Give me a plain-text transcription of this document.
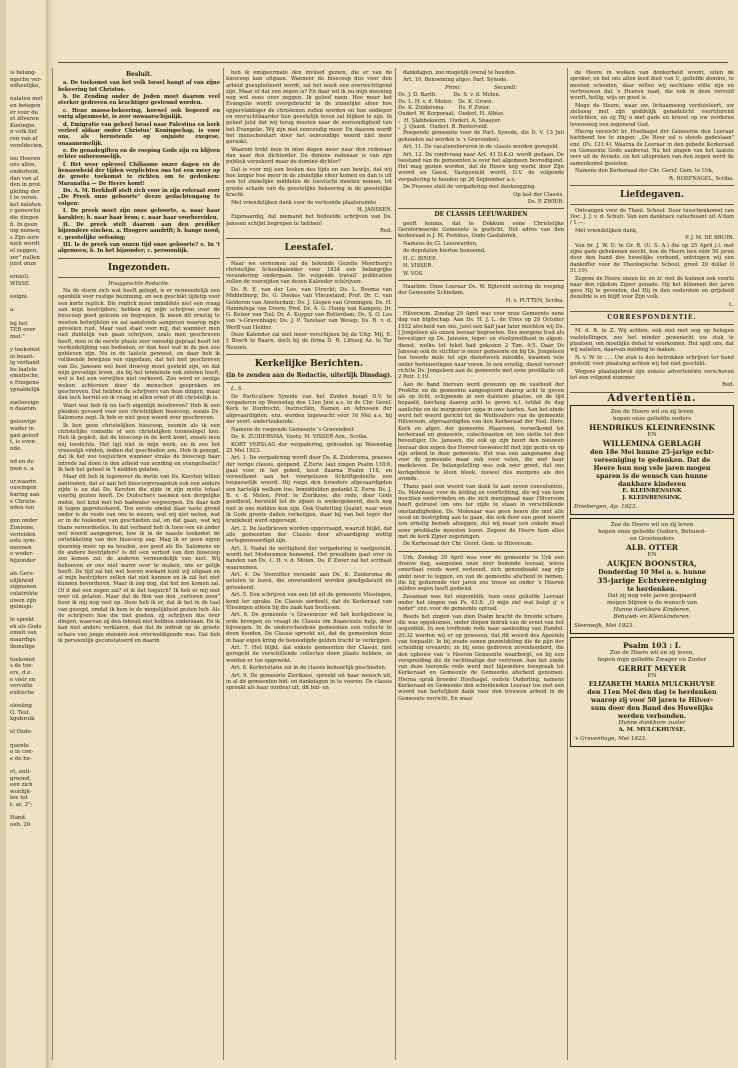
is belang-
ngsche ver-
ndheelijke,
nalaten met
en betegen
ër voor de
et zilveren
Koningin.
n volk lief
ren van af
vereldecien,
ieo Heeren
ons allen,
enderheid,
dan van al
den in prot.
gleling der
t te voren.
ket nalaten
r geneerloi
die dingen
ñ. In geen
ing nemen;
s Zijn oore
nieh wordt
el zeggen,
zer" nullen
juist onze
erniol).
WISSE.
eelgni.
a.
bij het
TER over
mat."
y toekomst
in beant-
lg verhand
he laatste
ematische,
e Enogeno
ypnaldelijk
zaeloovige
n daarom
geloovige
wader in
gad geloof
t, is even-
nde.
nd en de
jnen o. a.
ur,waarin
ouwingen
baring aan
e Christe-
nden ten
gen onder
Zonisme,
verleiden
este aym-
meenen
o weder-
bijzonder
als Gere-
elijkheid
zigmanen
colatrekte
uwen zijn
geimspi-
le sprekt
ek als Gods
emeit van
maardige
ikonstige
toekomst
s de toe-
ers, d.e.
e vóór en
vervatte
exitische
olooiing
O. Test.
kgebruik
el Ozde-
quente
o in con-
e de be-
et, anti-
groond,
een zich
wonlijk-
tee tot
t: ar, 3";
Hand.
oeb. 20.
Besluit.

a. De toekomst van het volk Israel hangt af van zijne bekeering tot Christus.

b. De Zending onder de Joden moet daarom veel sterker gedreven en krachtiger gesteund worden.

c. Hene massa-bekeering, hoewel ook begeerd en vurig afgesmeekt, is zeer onwaarschijnlijk.

d. Emigratie van geheel Israel naar Palestina en kerk verleef aldaar onder Christus' Koningschap, is voor ons, als berustende op onjuiste exegese, onaannemelijk.

e. De genadegiften en de roeping Gods zijn en blijven echter onberouwelijk.

f. Het weer opleveel Chiliasme onzer dagen en de benauwheid der tijden verplichten ons tot een meer op de groote toekomst te richten om te gedenken: Maranatha — De Heere komt!

Ds. A. M. Berkhoff stelt zich voor in zijn referaat over „De Preek onze geboorte" deeze gedachtengang te volgen:

I. De preek moet zijn onze geboorte, a. naar haar karakter; b. naar haar bron; c. naar haar voorbereiden.

II. De preek stelt daarom aan den prediker bijzondere eischen. a. Hoogere aandrift; b. bange nood; c. geestelijke oefening;

III. Is de preek van onzen tijd onze geboorte? e. In 't algemeen; b. In het bijzonder; c. persoonlijk.

Ingezonden.

Hooggeachte Redactie.

Na de storm zich wat heeft gelegd, is er vermoedelijk een ogenblik voor rustige bezinning, en een geschikt tijdstip voor een korte replick. Die replick moet inmiddels niet een vraag aan mijn bestrijders; hebben zij mijn schrijven over de bioscoop goed gelezen en begrepen. Ik meen dit ernstig te moeten betwijfelen en zal aanstonds aangeven waarop mijn gevoelen rust. Maar vast staat voor mij, dat wanneer men niet duidelijk van gaan schrijven, zoals men geschreven heeft, men in de eerste plaats zeer onnodig gepraat heeft tot verduidelijking van bedoelen, er dan heel wat in de pen zou gebleven zijn. Nu in de laatste geweest, en daar heb ik voldoende bewijzen van opgedaan, dat het met geschreven van Ds. Janssen wel heel droevig moet gesteld zijn, en dat mijn gevoelige leven, zie bij het tenminste ook zeloten heeft, wel is het een verwijten niet verkeerd. Zoo werd er eenige weken achtereen door de menschen gesproken en geschreven. Dat hebben de schrijvers van deze dingen, maar dan toch herrièl en ik vraag in allen ernst of dit christelijk is.

Want wat heb ik nu toch eigenlijk misdreven? Heb ik een pleidooi gevoerd voor een christelijken bioscoop, zooals Ds. Salomons zegt. Ik heb er niet geen woord over geschreven.

Ik ken geen christelijken bioscoop, zoomin als ik een christelijke comedie of een christelijken tooneelspel ken. Heb ik gepleit, dat de bioscoop in de kerk komt, zooals men mij toedichte. Het ligt niet in mijn werk, en ik zou het vreeselijk vinden, indien dat geschieden zou. Heb ik gezegd, dat ik het zoo toejuichen wanneer straks de bioscoop haar intrede zal doen in den arbeid van zending en evangelisatie? Ik heb het geheel in 't midden gelaten.

Maar dit heb ik tegenover de motie van Ds. Kersten willen aantoonen, dat er aan het bioscoopvraagstuk ook een andere zijde is en dat Ds. Kersten die zijde in zijn motie totaal voorbij gezien heeft. De Duitschers noemen een dergelijke motie, het kind met het badwater wegwerpen. En daar heb ik tegen geprotesteerd. Ten eerste omdat daar vaste grond onder is de veste van ons te wezen, wat wij niet weten, wat er in de toekomst van geschieden zal, en dat gaan, wat wij thans veroordeelen. In dat verband heb ik toen een en ander wel woord aangegeven, hoe ik in de naaste toekomst de ontwikkeling van den bioscoop zag. Mag ik er geen eigen meening meer op na houden, zoo goed als Ds. Salomons en de andere bestrijders? Is dit een verbod van den bioscoop zoo komen zal; de anderen vermoedelijk van niet. Wij behoeven er ons niet warm over te maken, wie er gelijk heeft. De tijd zal het wel leeren wiekant kunt wij uitgaan en al mijn bestrijders zullen dat niet kunnen en ik zal het niet kunnen bevorderen. Maar ik zeg nog, dat het zoo komen zal. Of it dat een zegen zal? of ik dat toejuich? Ik heb er mij niet over uit gelaten. Maar dat de film van den „verloren zoon" hoor ik mij nog veel op. Deze heb ik er, dat ik het in de taal van gezegd, omdat ik hem in de mogelijkheid gezien heb. Als de schrijvers hoe die niet goeten, zij schrijven dus over dingen, waarvan zij den inhoud niet hebben onderzaan. En ik kan niet anders verklaren, dan dat de indruk op de groote schare van jonge mannen een overweldigende was. Dat heb ik persoonlijk geconstateerd en daarin

heb ik emigeermate den invloed gezien, die er van de bioscoop kan uitgaan. Wanneer de bioscoop dus voor den arbeid geexploiteerd wordt, zal het nooit een overwichtigend zijn. Maar of dat een zegen is? En daar wil ik nu mijn meening nog wel eens over zeggen. Ik geloof neen. Hoe meer het Evangelie wordt overgebracht in de zinnelijke sfeer hoe oppervlakkiger de christenen zullen worden en hoe ondieper en onvruchtbaarder hun geestelijk leven zal blijken te zijn. Ik geloof juist dat wij terug moeten naar de eenvoudigheid van het Evangelie. Wij zijn niet eenvoudig meer. En daarom wordt het menschenhart door het eenvoudige woord niet meer geraakt.

Waarom trekt men in onze dagen meer naar den redenaar dan naar den dichterder. De domine redenaar is van zijn publiek verzekerd maar de dominé-dichter?

Dat is voor mij een teeken des tijds en een bewijs, dat wij hoe langer hoe meer in de zinnelijke sfeer komen en dan is uit een tot zinnelijke middelen de toevlucht moeten nemen, tot groote schade van de geestelijke bekeering in de geestelijke kracht.

Met vriendelijken dank voor de verleende plaatsruimte

H. JANSSEN.

Eigenaardig, dat niemand het bedoelde schrijven van Ds. Janssen schijnt begrepen te hebben!

Red.

Leestafel.

Naar we vernemen zal de bekende Gezelle Meerburg's christelijke Schoolkalender voor 1924 een belangrijke verandering ondergaan. De volgende travail' publicatien zullen de voorzijden van dezen Kalender sch(rijven:

Ds. R. E. van der Lee, van Utrecht; Ds. L. Bouma van Middelburg; Ds. G. Doekes van Vlieuwland; Prof. Dr. C. van Gelderen van Amsterdam; Ds. J. Gispen van Groningen; Ds. H. Hamminga van Doorn; Prof. Dr. A. G. Honig van Kampen; Dr. G. Keizer van Tiel; Dr. A. Kuyper van Rotterdam; Ds. S. O. Los van 's-Gravenhage; Ds. J. P. Tazelaar van Wesep; Ds. B. v. d. Werff van Helder.

Deze Kalender zal niet meer verschijnen bij de Uitg. Mij. E. J. Bosch te Baarn, doch bij de firma D. H. Littooij Az. te Ter Neuzen.

Kerkelijke Berichten.
(in te zenden aan de Redactie, uiterlijk Dinsdag).

L. S.

De Particuliere Synode van het Zuiden hoopt D.V. te vergaderen op Woensdag den 13en Juni a.s. in de Chr. Geref. Kerk te Dordrecht. Instructiën, Namen en Adressen der afgevaardigden, enz. worden ingewacht vóór 16 Mei a.s. bij der overl. onderteekende.

Namens de roepende Gemeente 's Gravendeel:

Ds. K. ZUIDERSMA, Voorz. M. VISSER Azn., Scriba.

KORT VERSLAG der vergadering, gehouden op Woensdag 25 Mei 1923.

Art. 1. De vergadering wordt door Ds. K. Zuidersma, praeses der vorige classis, geopend. Z.Eerw. laat zingen Psalm 118:6, gaat voor in het gebed, leest daarna Psalm 118. en verwelkomt aan het voorgelezen Schriftgedeelte een toepasselijk woord. Hij roept den broeders afgevaardigden een hartelijk welkom toe. Inmiddelden gedankt Z. Eerw. Ds. J. B. v. d. Molen, Pred. te Zierikzee, die rede, door Gods goedheid, hersteld tot de zijnen is wedergekeerd, doch nog niet in ons midden kon zijn. Ook Ouderling Quaint, naar wien ik Gods groote daden verkeilgen, daar hij van het leger der krankheid werd opgeroept.

Art. 2. De lastbrieven worden opgevraagd, waaruit blijkt, dat alle gemeenten der Classis door afvaardiging wettig vertegenwoordigd zijn.

Art. 3. Nadat de wettigheid der vergadering is vastgesteld, wordt het Moderamen benoemd. Het presidium gaat over in handen van Ds. L. H. v. d. Molen. Ds. P. Zwier zal het scribaat waarnemen.

Art. 4. De Voorzitter verzoekt aan Ds. K. Zuidersma de notulen te lezen, die onveranderd worden goedgekeurd en geteekend.

Art. 5. Een schrijven van een lid uit de gemeente Vlissingen, komt ter sprake. De Classis oordeelt, dat de Kerkeraad van Vlissingen alléén bij die zaak kan beslissen.

Art. 6. De gemeente 's Gravenzoer wil het kerkgebouw in orde brengen en vraagt de Classis om financieele hulp, door bijvoegen. In de onderscheidene gemeenten een collecte te doen houden. De Classis spreekt uit, dat de gemeenten deze in haar eigen kring de benoodigde gelden tracht te verkrijgen.

Art. 7. Het blijkt, dat enkele gemeenten der Classis, niet geregeld de verschillende collecten doen plaats hebben, ze worden er toe opgewekt.

Art. 8. Kerkvisitatie zal in de classis behoorlijk geschieden.

Art. 9. De gemeente Zierikzee, spreekt uit haar wensch uit, in al de gemeenten bid- en dankdagen in te voeren. De classis spreekt als haar oordeel uit, dit bid- en

dankdagen, zoo mogelijk overal te houden.

Art. 10. Benoeming afgev. Part. Synode.

Primi:	Secundi:

Ds. J. D. Barth.          Ds. S. v. d. Molen.
Ds. L. H. v. d. Molen.   Ds. K. Groen.
Ds. K. Zuidersma.        Ds. P. Zwier.
Ouderl. W. Korporaal.  Ouderl. H. Albiss.
„  H. Slabbekoorn.  Ouderl. A. Snaayer.
„  J. Quant.  Ouderl. B. Besterveld.

Roepende gemeente voor de Part. Synode, die D. V. 13 Juli gehouden zal worden is 's Gravendeel.

Art. 11. De vacatureberuren in de classis worden geregeld.

Art. 12. De rondvraag naar Art. 41 D.K.O. wordt gedaan. De toestand van de gemeenten is over het algemeen bevredigend. Het mag gezien worden, dat de Heere nog werkt door Zijn woord en Geest. Vastgesteld wordt, D.V. de volgende vergadering te houden op 26 September a.s.

De Praeses sluit de vergadering met dankzegging.

Op last der Classis,

Ds. P. ZWIER.

DE CLASSIS LEEUWARDEN

geeft kennis, dat te Dokkum eene Christelijke Gereformeerde Gemeente is gesticht. Het adres van den kerkeraad is J. M. Postmus, Oude Gasfabriek.

Namens de Cl. Leeuwarden,

de deputaten hiertoe benoemd,

H. C. BINEE.

H. VISSER.

W. VOS.

Haarlem. Onze Leeraar Ds. W. Bijleveld outving de roeping der Gemeente Schiedam.

H. v. PUTTEN, Scriba.

Hilversum. Zondag 29 April was voor onze Gemeente eene dag van blijdschap. Aan Ds. H. J. L. de Vries op 29 October 1922 afscheid van ons, juist een half jaar later mochten wij Ds. J Jongeleen als onzen leeraar begroeten. Des morgens trad als bevestiger op Ds. Janssen, leger- en vlootpredikant in algem. dienst, welke tot tekst had gekozen 2 Tim. 4:5. Daar Ds Janssen ook de stichter is onzer gemeente en bij Ds. Jongeleen ten tweede male tot zijn dienstwerk inleidde, kwamen vele onder herinneringen naar voren. In een ernstig, dienst vervoer richtte Ds. Jongeleen aan de gemeente met eene predikatie uit 2 Petr. 1:19.

Aan de hand hiervan werd gewezen op de vastheid der Profetie en de gemeente aangespoord daarop acht te geven als op licht, schijnende in een duistere plaatse, en de tijd bepaald, hierlang daarop acht te geven n.l. totdat de dag aanlichte en de morgenster opga in uwe harten. Aan het einde werd het woord gericht tot de Wethouders van de gemeente Hilversum, afgevaardigden van den Kerkeraad der Ned. Herv. Kerk en afgev. der gemeente Maarssen, verwelkomd tot kerkeraad en gemeente, catechisanten en ten slotte tot den bevestiger, Ds. Janssen, die ook op zijn beurt den nieuwen leeraar den zegen des Heeren toewenscht met zijn gezin en op zijn arbeid in deze gemeente. Het was een aangename dag voor de gemeente maar ook voor velen, die met haar medeleven. De belangstelling was ook zeer groot, dat ons kerkgebouw te klein bleek, zoowel des morgens als des avonds.

Thans past een woord van dank te aan zeven consulenten, Ds. Molenaar, voor de leiding en voorlichting, die wij van hem mochten ondervinden en die zich menigmaal naar Hilversum heeft getroost om ons ter zijde te staan in verschillende omstandigheden. Ds. Molenaar was geen heere die met alle nood en bestrijding aan te gaan, die ook door een goed woord een ernstig bezoek afzeggen, dat wij maar een enkele maal eene predikatie moesten lezen. Zegene de Heere hem alles met de kerk Zijner zegeningen.

De Kerkeraad der Chr. Geref. Gem. te Hilversum.

Urk. Zondag 29 April was voor de gemeente te Urk een droeve dag, aangezien onze zoer beminde leeraar, wiens emeritaat reeds werd verleend, zich genoodzaakt zag zijn ambt neer te leggen, en van de gemeente afscheid te nemen, die bij gedurende vier jaren zoo trouw en onder 's Heeren milden zegen heeft gediend.

Zooaman was het ongemblik, toen onze geliefde Leeraar onder het zingen van Ps. 43:8: „O mijn ziel wat buigt g' u neder" enz. voor de gemeente optrad.

Reeds het zingen van dien Psalm bracht de breede schare, die was opgekomen, onder diepen indruk van de ernst van het oogenblik. In een treffende rede naar aanleiding van Handel. 20:32 werden wij er op gewezen, dat dit woord des Apostels van toepaslit: Ie bij zoude eenen gezontdeling die de pijn der scheiding ervaarde; ze bij eene gedreven zevenhonderd, die den opbouw van 's Heeren Gemeente waarborgt, en bij een verspreiding die de rechtmatige der vertrouw. Aan het einde van deze leerende rede werd met bijzondere toespraak tot Kerkeraad en Gemeente de Gemeente afscheid genomen. Hierna sprak broeder Hoefnagel, oudste Ouderling, namens Kerkeraad en Gemeente den scheidenden Leeraar toe met een woord van hartelijken dank voor den trouwen arbeid in de Gemeente verricht. En waar

de Heere in wolken van donkerheid woont, uiten de spreker, en het ons allen leed doet van U, geliefde domine, te moeten scheiden, daar willen wij nochtans stille zijn en vertrouwen dat 's Heeren raad, die ook in deze vervuld wordt, heilig, wijs en goed is.

Moge de Heere, waar uw, lichaamsoog verduisteert, uw zielsoog met zijn goddelijk genadelicht voortdurend verlichten, en zij Hij u met gade en kroost op uw verderen levensweg een zegenend God.

Hierop verzocht br. Hoefnagel der Gemeente den Leeraar hiebbend toe te zingen: „De Heer zal u steeds gadeslaan" enz. (Ps. 121:4). Waarna de Leeraar in den gebede Kerkeraad en Gemeente Gode aanbeval. Na het zingen van het laatste vers uit de Avondz. en het uitspreken van den zegen werd de samenkomst gesloten.

Namens den Kerkeraad der Chr. Geref. Gem. te Urk,

R. HOEFNAGEL, Scriba.

Liefdegaven.

Ontvangen voor de Theol. School: Door tusschenkomst van Doc. J. J. v. d. Schuit. Van een dankbare catechisant uit A'dam / 1.—.

Met vriendelijken dank,

P. J. M. DE BRUIN.

Van br. J. W. D. te Gr. R. (U. S. A.) die op 25 April j.l. met zijne gade gehekenen mocht, hoe de Heere hen vóór 50 jaren door den band des huwelijks verbond, ontvingen wij een dankoffer voor de Theologische School, groot 20 dollar (f 51.10).

Zegene de Heere onzen br. en zr. met de kunnen ook voorts naar den rijkdom Zijner genade. Hij het klimmen der jaren geve Hij te gevoelen, dat Hij in den ouderdom en grijsheid dezelfde is en blijft voor Zijn volk.

L.

CORRESPONDENTIE.

M. d. B. te Z. Wij achten, ook niet met oog op belegen vaststellingen, zoo het minder gewenscht uw stuk te plaatsen, om moeilijke debat te voorkomen. Het spijt ons, dat wij nalieten, daarvan melding te maken.

N. v. W. te ..... Uw stuk is den betrokken schrijver ter hand gesteld; voor plaatsing achten wij het niet geschikt.

Wegens plaatsgebrek zijn enkele advertentiën verschoven tot een volgend nummer.

Red.

Advertentiën.
Zoo de Heere wil en zij leven
hopen onze geliefde ouders
HENDRIKUS KLEINRENSINK
EN
WILLEMINA GERLAGH
den 18e Mei hunne 25-jarige echt-
vereeniging te gedenken. Dat de
Heere hun nog vele jaren mogen
sparen is de wensch van hunne
dankbare kinderen
E. KLEINRENSINK
J. KLEINRENSINK.
Driebergen, Ap. 1923.
Zoo de Heere wil en zij leven
hopen onze geliefde Ouders, Behuwd-
en Grootouders
ALB. OTTER
EN
AUKJEN BOONSTRA,
Donderdag 10 Mei a. s. hunne
35-jarige Echtvereeniging
te herdenken.
Dat zij nog vele jaren gespaard
mogen blijven is de wensch van
Hunne dankbare Kinderen,
Behuwd- en Kleinkinderen.
Steenwijk, Mei 1923.
Psalm 103 : I.
Zoo de Heere wil en zij leven,
hopen mijn geliefde Zwager en Zuster
GERRIT MEYER
EN
ELIZABETH MARIA MULCKHUYSE
den 11en Mei den dag te herdenken
waarop zij voor 50 jaren te Hilver-
sum door den Band des Huwelijks
werden verbonden.
Hunne dankbare zuster
A. M. MULCKHUYSE.
's Gravenhage, Mei 1923.
